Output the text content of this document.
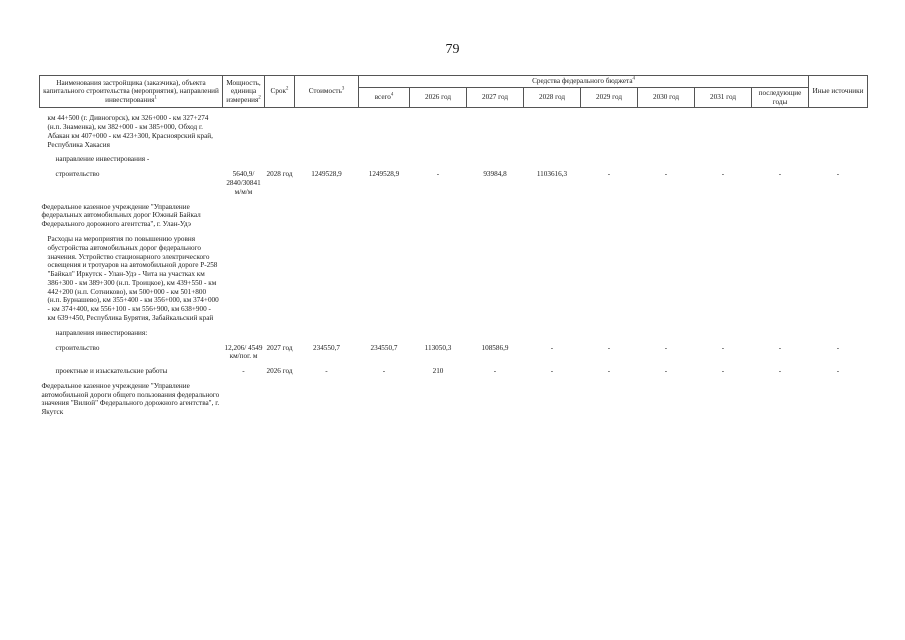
79
Наименования застройщика (заказчика), объекта капитального строительства (мероприятия), направлений инвестирования$^1$	Мощность, единица измерения$^2$	Срок$^2$	Стоимость$^3$	Средства федерального бюджета$^4$								Иные источники
				всего$^4$	2026 год	2027 год	2028 год	2029 год	2030 год	2031 год	последующие годы	

км 44+500 (г. Дивногорск), км 326+000 - км 327+274 (н.п. Знаменка), км 382+000 - км 385+000, Обход г. Абакан км 407+000 - км 423+300, Красноярский край, Республика Хакасия												

направление инвестирования -												

строительство	5640,9/ 2840/30841 м/м/м	2028 год	1249528,9	1249528,9	-	93984,8	1103616,3	-	-	-	-	-

Федеральное казенное учреждение "Управление федеральных автомобильных дорог Южный Байкал Федерального дорожного агентства", г. Улан-Удэ												

Расходы на мероприятия по повышению уровня обустройства автомобильных дорог федерального значения. Устройство стационарного электрического освещения и тротуаров на автомобильной дороге Р-258 "Байкал" Иркутск - Улан-Удэ - Чита на участках км 386+300 - км 389+300 (н.п. Троицкое), км 439+550 - км 442+200 (н.п. Сотниково), км 500+000 - км 501+800 (н.п. Бурнашево), км 355+400 - км 356+000, км 374+000 - км 374+400, км 556+100 - км 556+900, км 638+900 - км 639+450, Республика Бурятия, Забайкальский край												

направления инвестирования:												

строительство	12,206/ 4549 км/пог. м	2027 год	234550,7	234550,7	113050,3	108586,9	-	-	-	-	-	-

проектные и изыскательские работы	-	2026 год	-	-	210	-	-	-	-	-	-	-

Федеральное казенное учреждение "Управление автомобильной дороги общего пользования федерального значения "Вилюй" Федерального дорожного агентства", г. Якутск												
